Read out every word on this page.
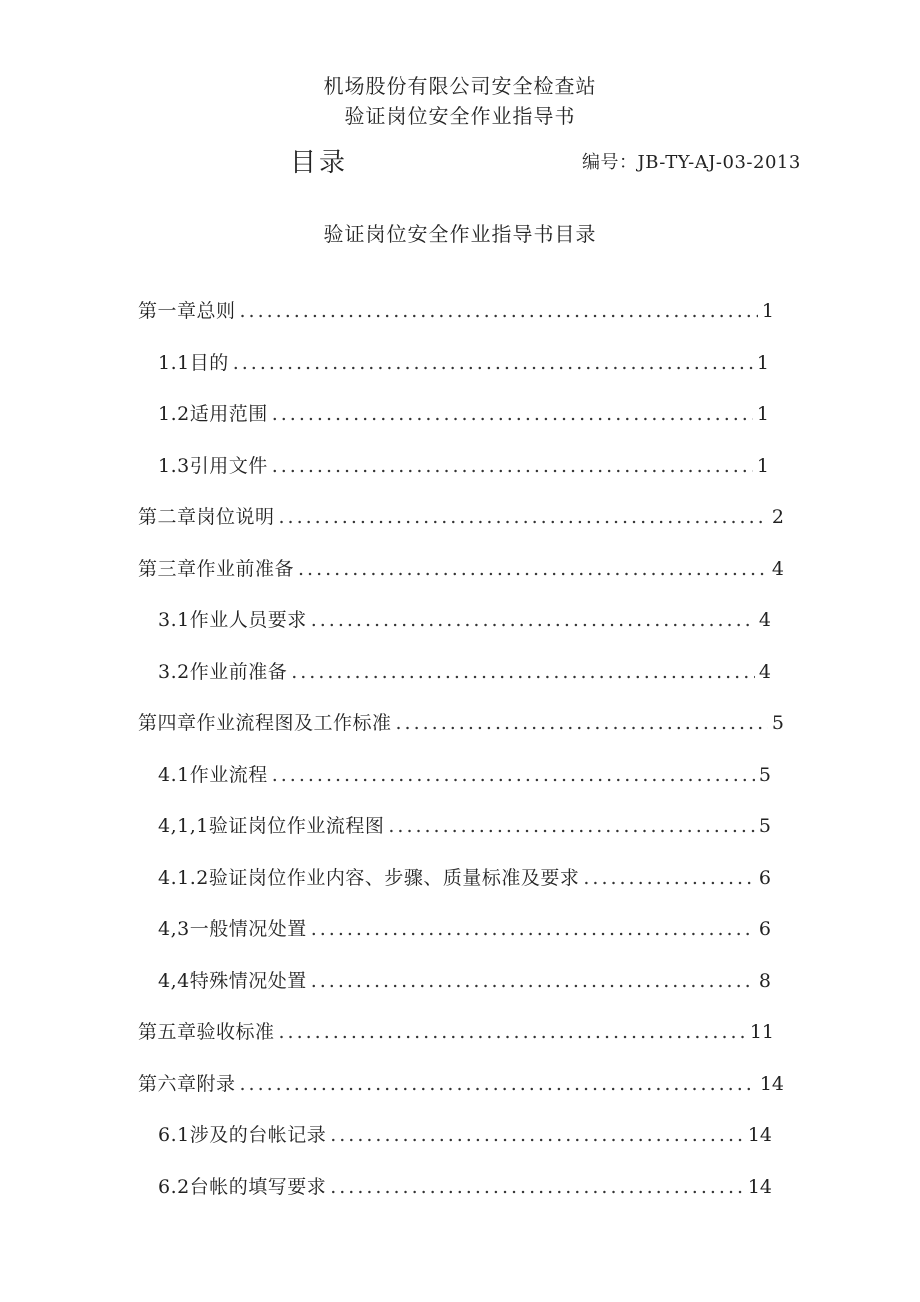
机场股份有限公司安全检查站
验证岗位安全作业指导书
目录	编号：JB-TY-AJ-03-2013
验证岗位安全作业指导书目录
第一章总则 .....	1
1.1目的 .....	1
1.2适用范围 .....	1
1.3引用文件 .....	1
第二章岗位说明 .....	2
第三章作业前准备 .....	4
3.1作业人员要求 .....	4
3.2作业前准备 .....	4
第四章作业流程图及工作标准 .....	5
4.1作业流程 .....	5
4,1,1验证岗位作业流程图 .....	5
4.1.2验证岗位作业内容、步骤、质量标准及要求 .....	6
4,3一般情况处置 .....	6
4,4特殊情况处置 .....	8
第五章验收标准 .....	11
第六章附录 .....	14
6.1涉及的台帐记录 .....	14
6.2台帐的填写要求 .....	14
